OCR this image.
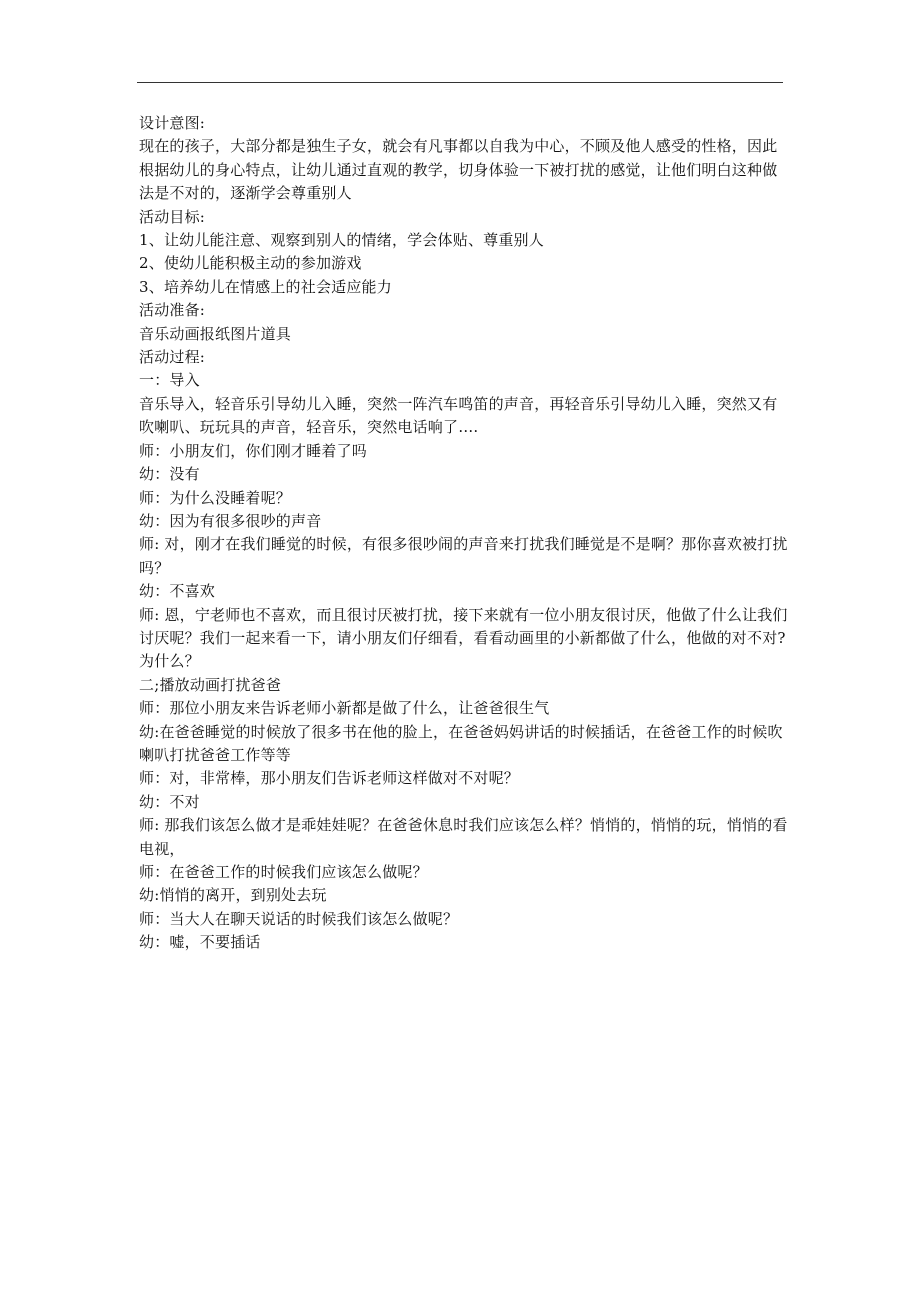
设计意图:

现在的孩子，大部分都是独生子女，就会有凡事都以自我为中心，不顾及他人感受的性格，因此根据幼儿的身心特点，让幼儿通过直观的教学，切身体验一下被打扰的感觉，让他们明白这种做法是不对的，逐渐学会尊重别人

活动目标:

1、让幼儿能注意、观察到别人的情绪，学会体贴、尊重别人

2、使幼儿能积极主动的参加游戏

3、培养幼儿在情感上的社会适应能力

活动准备:

音乐动画报纸图片道具

活动过程:

一：导入

音乐导入，轻音乐引导幼儿入睡，突然一阵汽车鸣笛的声音，再轻音乐引导幼儿入睡，突然又有吹喇叭、玩玩具的声音，轻音乐，突然电话响了….

师：小朋友们，你们刚才睡着了吗

幼：没有

师：为什么没睡着呢？

幼：因为有很多很吵的声音

师: 对，刚才在我们睡觉的时候，有很多很吵闹的声音来打扰我们睡觉是不是啊？那你喜欢被打扰吗？

幼：不喜欢

师: 恩，宁老师也不喜欢，而且很讨厌被打扰，接下来就有一位小朋友很讨厌，他做了什么让我们讨厌呢？我们一起来看一下，请小朋友们仔细看，看看动画里的小新都做了什么，他做的对不对?为什么？

二;播放动画打扰爸爸

师：那位小朋友来告诉老师小新都是做了什么，让爸爸很生气

幼:在爸爸睡觉的时候放了很多书在他的脸上，在爸爸妈妈讲话的时候插话，在爸爸工作的时候吹喇叭打扰爸爸工作等等

师：对，非常棒，那小朋友们告诉老师这样做对不对呢？

幼：不对

师: 那我们该怎么做才是乖娃娃呢？在爸爸休息时我们应该怎么样？悄悄的，悄悄的玩，悄悄的看电视，

师：在爸爸工作的时候我们应该怎么做呢？

幼:悄悄的离开，到别处去玩

师：当大人在聊天说话的时候我们该怎么做呢？

幼：嘘，不要插话
